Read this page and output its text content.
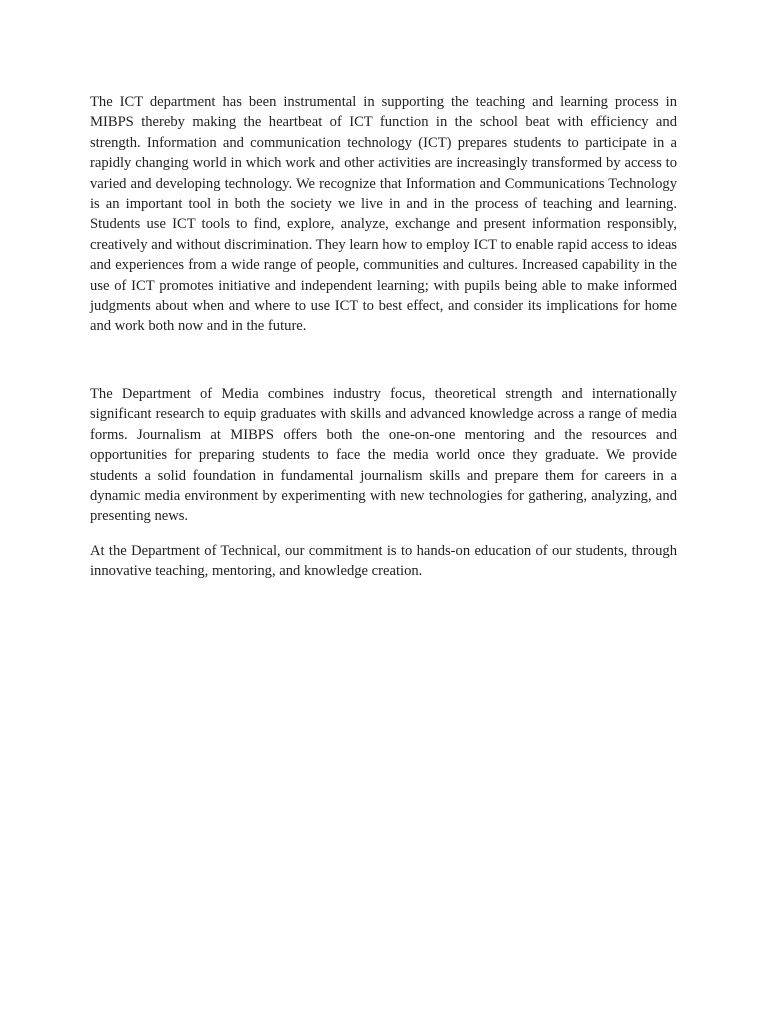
The ICT department has been instrumental in supporting the teaching and learning process in MIBPS thereby making the heartbeat of ICT function in the school beat with efficiency and strength. Information and communication technology (ICT) prepares students to participate in a rapidly changing world in which work and other activities are increasingly transformed by access to varied and developing technology. We recognize that Information and Communications Technology is an important tool in both the society we live in and in the process of teaching and learning. Students use ICT tools to find, explore, analyze, exchange and present information responsibly, creatively and without discrimination. They learn how to employ ICT to enable rapid access to ideas and experiences from a wide range of people, communities and cultures. Increased capability in the use of ICT promotes initiative and independent learning; with pupils being able to make informed judgments about when and where to use ICT to best effect, and consider its implications for home and work both now and in the future.

The Department of Media combines industry focus, theoretical strength and internationally significant research to equip graduates with skills and advanced knowledge across a range of media forms. Journalism at MIBPS offers both the one-on-one mentoring and the resources and opportunities for preparing students to face the media world once they graduate. We provide students a solid foundation in fundamental journalism skills and prepare them for careers in a dynamic media environment by experimenting with new technologies for gathering, analyzing, and presenting news.

At the Department of Technical, our commitment is to hands-on education of our students, through innovative teaching, mentoring, and knowledge creation.
